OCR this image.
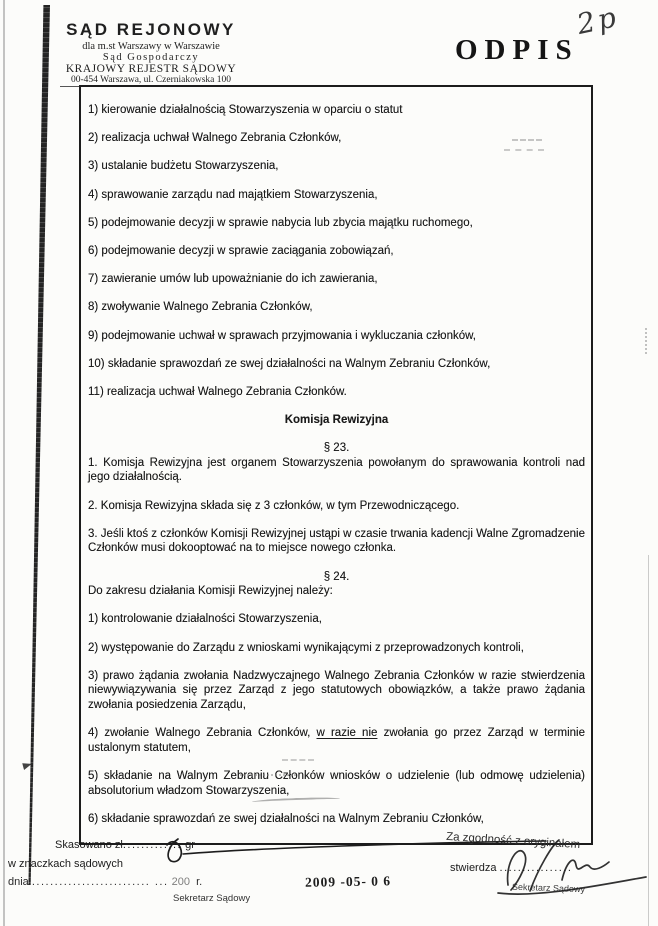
SĄD REJONOWY
dla m.st Warszawy w Warszawie
Sąd Gospodarczy
KRAJOWY REJESTR SĄDOWY
00-454 Warszawa, ul. Czerniakowska 100
ODPIS
2p

1) kierowanie działalnością Stowarzyszenia w oparciu o statut

2) realizacja uchwał Walnego Zebrania Członków,

3) ustalanie budżetu Stowarzyszenia,

4) sprawowanie zarządu nad majątkiem Stowarzyszenia,

5) podejmowanie decyzji w sprawie nabycia lub zbycia majątku ruchomego,

6) podejmowanie decyzji w sprawie zaciągania zobowiązań,

7) zawieranie umów lub upoważnianie do ich zawierania,

8) zwoływanie Walnego Zebrania Członków,

9) podejmowanie uchwał w sprawach przyjmowania i wykluczania członków,

10) składanie sprawozdań ze swej działalności na Walnym Zebraniu Członków,

11) realizacja uchwał Walnego Zebrania Członków.

Komisja Rewizyjna

§ 23.

1. Komisja Rewizyjna jest organem Stowarzyszenia powołanym do sprawowania kontroli nad jego działalnością.

2. Komisja Rewizyjna składa się z 3 członków, w tym Przewodniczącego.

3. Jeśli ktoś z członków Komisji Rewizyjnej ustąpi w czasie trwania kadencji Walne Zgromadzenie Członków musi dokooptować na to miejsce nowego członka.

§ 24.

Do zakresu działania Komisji Rewizyjnej należy:

1) kontrolowanie działalności Stowarzyszenia,

2) występowanie do Zarządu z wnioskami wynikającymi z przeprowadzonych kontroli,

3) prawo żądania zwołania Nadzwyczajnego Walnego Zebrania Członków w razie stwierdzenia niewywiązywania się przez Zarząd z jego statutowych obowiązków, a także prawo żądania zwołania posiedzenia Zarządu,

4) zwołanie Walnego Zebrania Członków, w razie nie zwołania go przez Zarząd w terminie ustalonym statutem,

5) składanie na Walnym Zebraniu Członków wniosków o udzielenie (lub odmowę udzielenia) absolutorium władzom Stowarzyszenia,

6) składanie sprawozdań ze swej działalności na Walnym Zebraniu Członków,

Skasowano zł............. gr
w znaczkach sądowych
dnia .......................... ... 200 r.
Sekretarz Sądowy
2009 -05- 0 6
Za zgodność z oryginałem
stwierdza ................
Sekretarz Sądowy
